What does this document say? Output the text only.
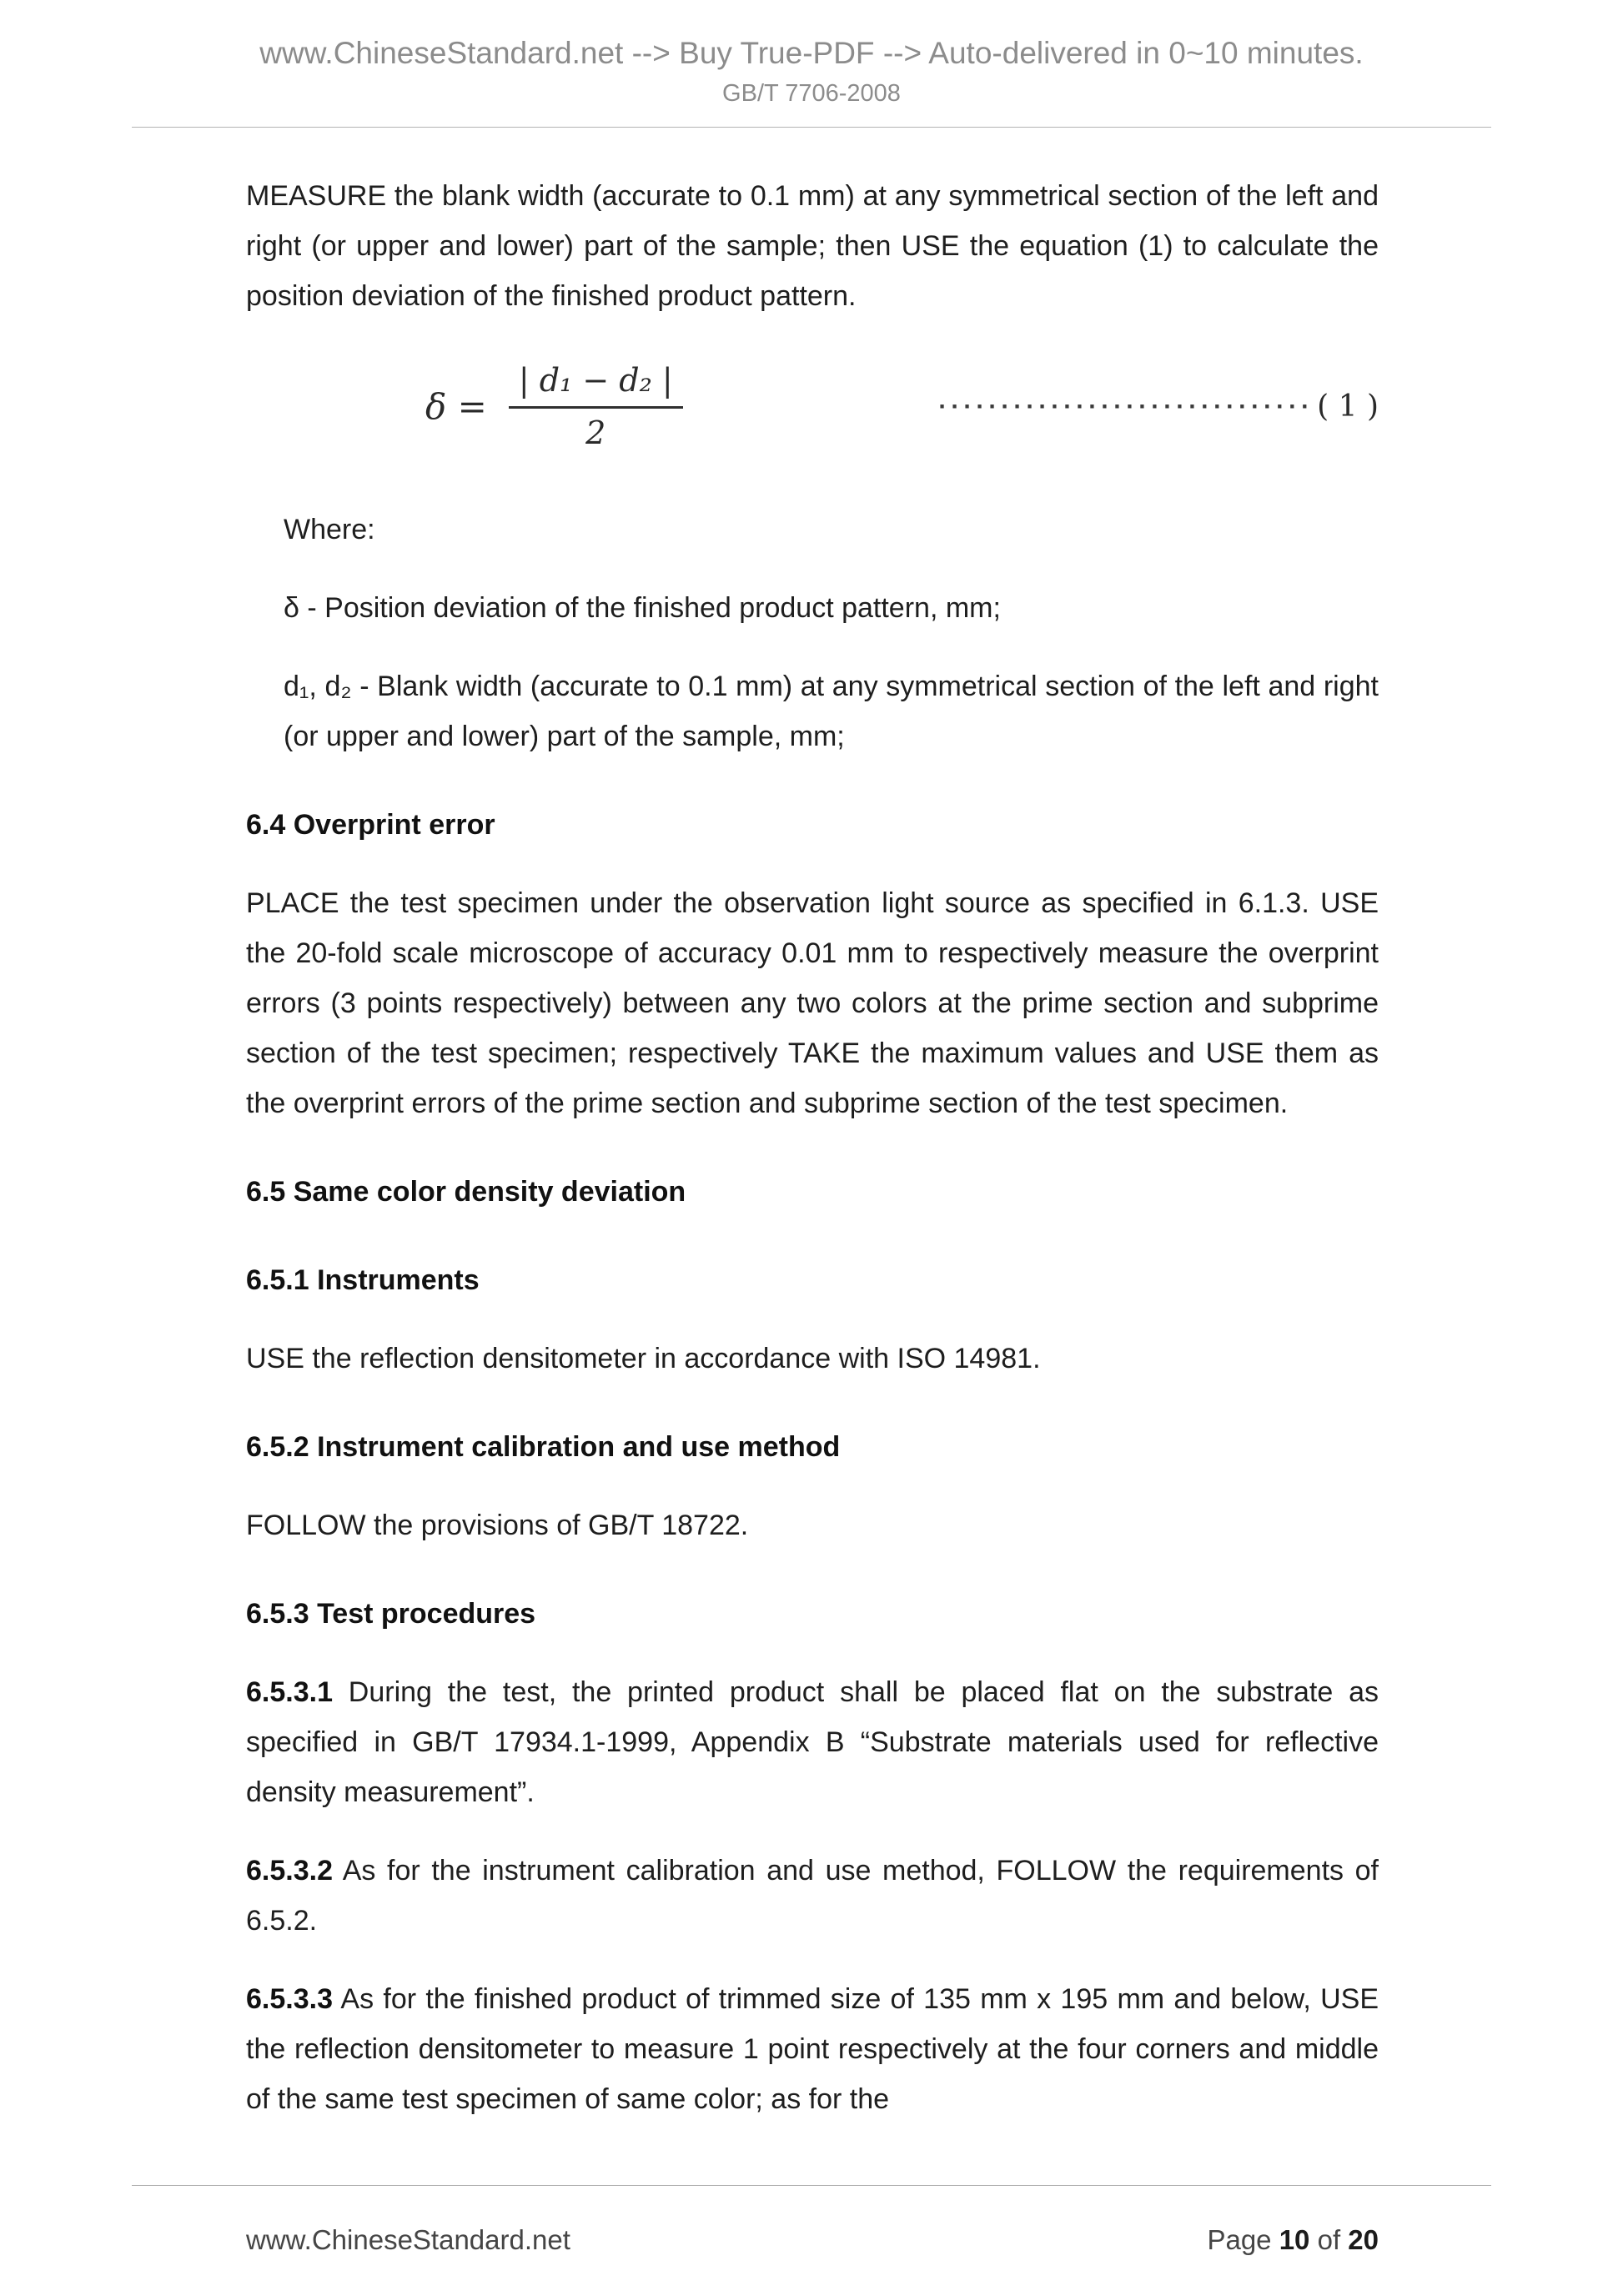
www.ChineseStandard.net --> Buy True-PDF --> Auto-delivered in 0~10 minutes.
GB/T 7706-2008

MEASURE the blank width (accurate to 0.1 mm) at any symmetrical section of the left and right (or upper and lower) part of the sample; then USE the equation (1) to calculate the position deviation of the finished product pattern.

$\delta = \frac{\text{| d₁ − d₂ |}}{2}$	······························ ( 1 )

Where:

δ - Position deviation of the finished product pattern, mm;

d₁, d₂ - Blank width (accurate to 0.1 mm) at any symmetrical section of the left and right (or upper and lower) part of the sample, mm;

6.4 Overprint error

PLACE the test specimen under the observation light source as specified in 6.1.3. USE the 20-fold scale microscope of accuracy 0.01 mm to respectively measure the overprint errors (3 points respectively) between any two colors at the prime section and subprime section of the test specimen; respectively TAKE the maximum values and USE them as the overprint errors of the prime section and subprime section of the test specimen.

6.5 Same color density deviation
6.5.1 Instruments

USE the reflection densitometer in accordance with ISO 14981.

6.5.2 Instrument calibration and use method

FOLLOW the provisions of GB/T 18722.

6.5.3 Test procedures

6.5.3.1 During the test, the printed product shall be placed flat on the substrate as specified in GB/T 17934.1-1999, Appendix B “Substrate materials used for reflective density measurement”.

6.5.3.2 As for the instrument calibration and use method, FOLLOW the requirements of 6.5.2.

6.5.3.3 As for the finished product of trimmed size of 135 mm x 195 mm and below, USE the reflection densitometer to measure 1 point respectively at the four corners and middle of the same test specimen of same color; as for the

www.ChineseStandard.net	Page 10 of 20
